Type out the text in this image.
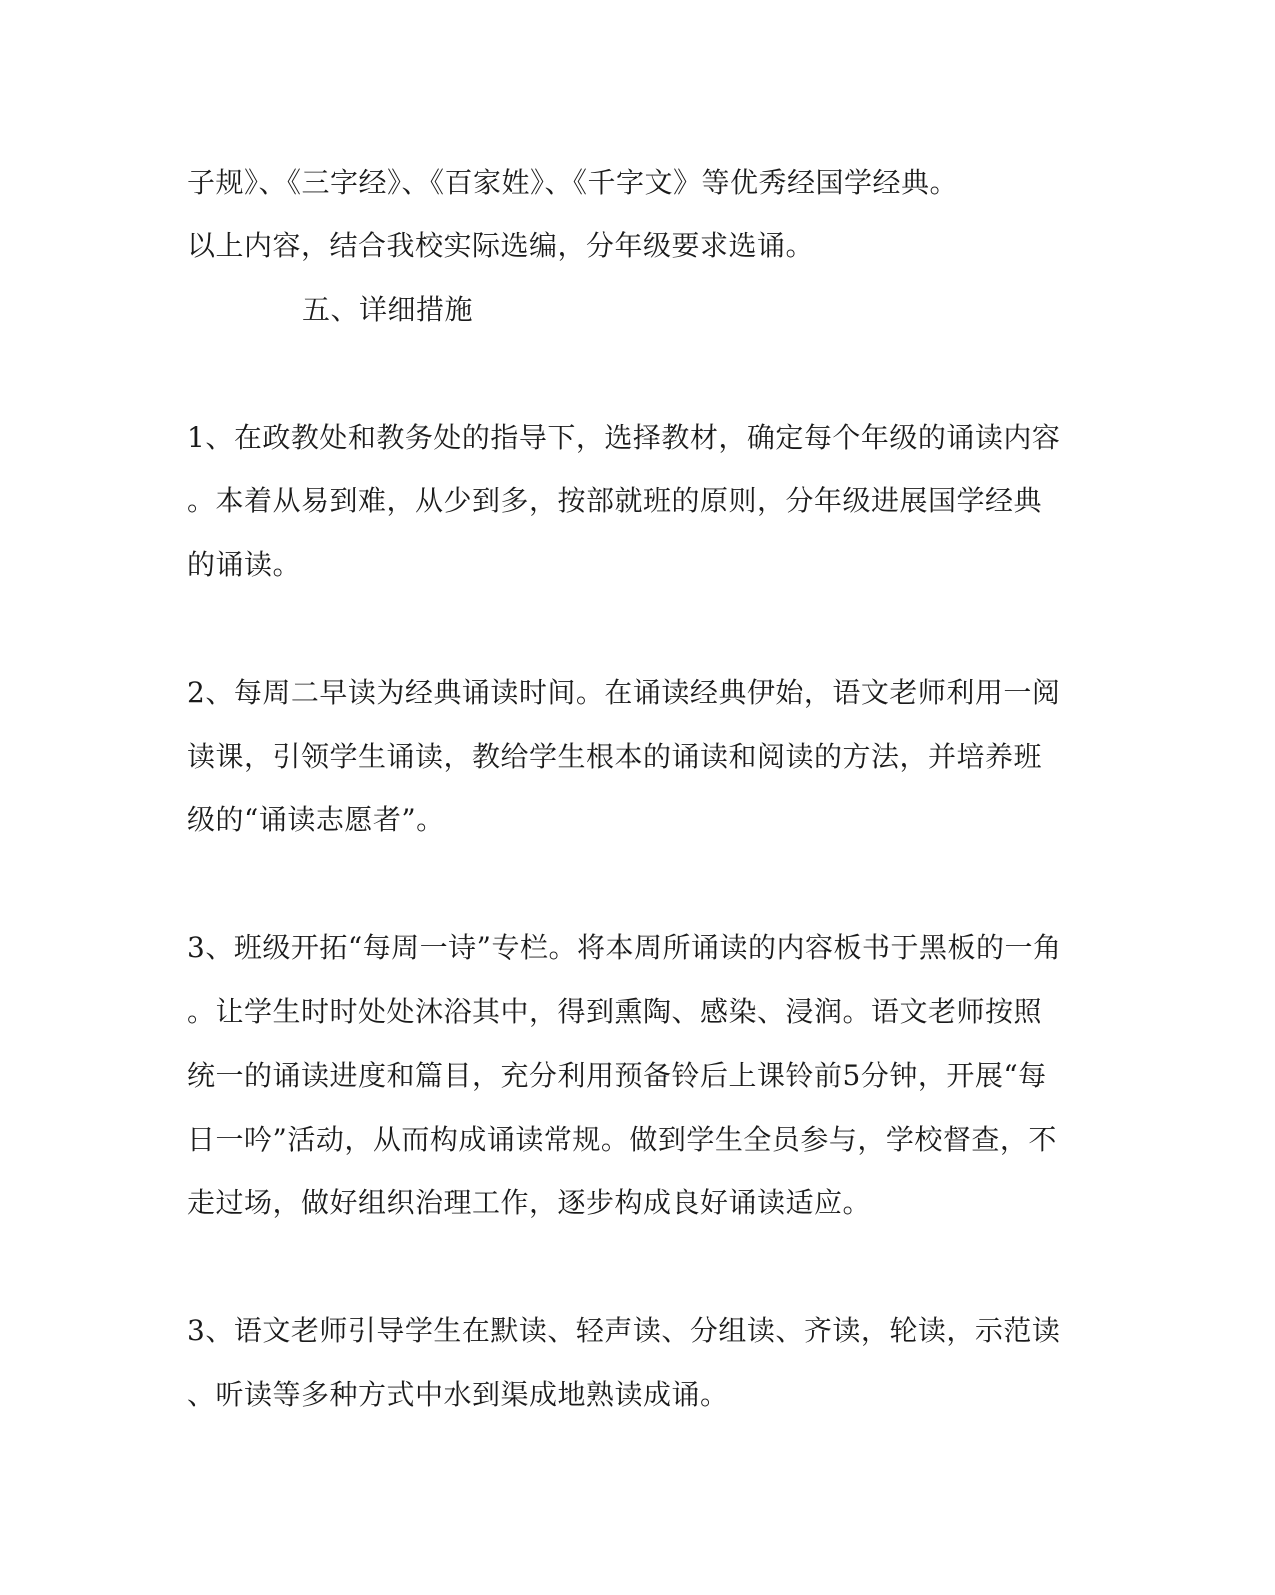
子规》、《三字经》、《百家姓》、《千字文》等优秀经国学经典。
以上内容，结合我校实际选编，分年级要求选诵。
五、详细措施
1、在政教处和教务处的指导下，选择教材，确定每个年级的诵读内容
。本着从易到难，从少到多，按部就班的原则，分年级进展国学经典
的诵读。
2、每周二早读为经典诵读时间。在诵读经典伊始，语文老师利用一阅
读课，引领学生诵读，教给学生根本的诵读和阅读的方法，并培养班
级的“诵读志愿者”。
3、班级开拓“每周一诗”专栏。将本周所诵读的内容板书于黑板的一角
。让学生时时处处沐浴其中，得到熏陶、感染、浸润。语文老师按照
统一的诵读进度和篇目，充分利用预备铃后上课铃前5分钟，开展“每
日一吟”活动，从而构成诵读常规。做到学生全员参与，学校督查，不
走过场，做好组织治理工作，逐步构成良好诵读适应。
3、语文老师引导学生在默读、轻声读、分组读、齐读，轮读，示范读
、听读等多种方式中水到渠成地熟读成诵。
